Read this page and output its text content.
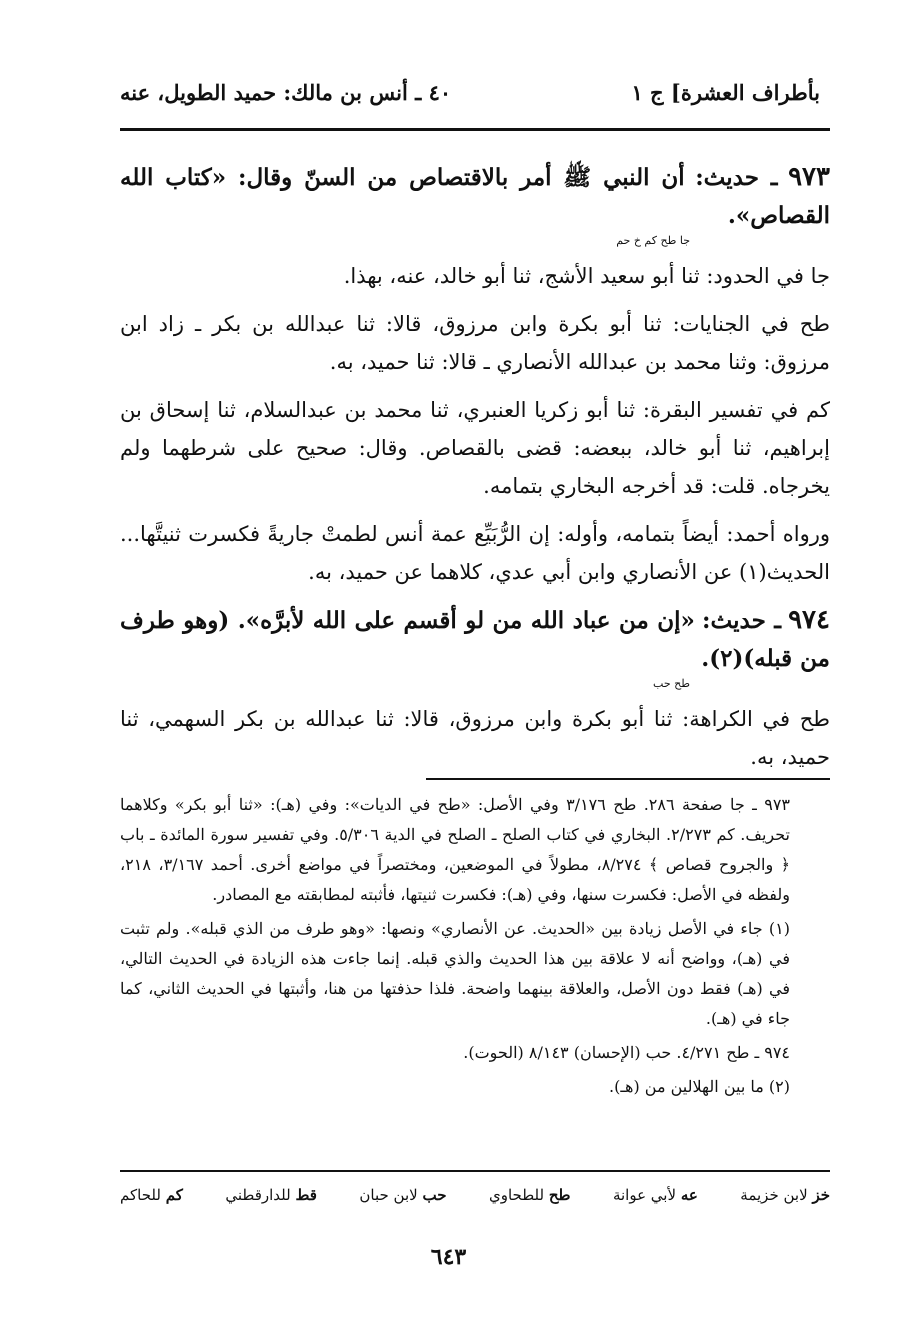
بأطراف العشرة] ج ١
٤٠ ـ أنس بن مالك: حميد الطويل، عنه

٩٧٣ ـ حديث: أن النبي ﷺ أمر بالاقتصاص من السنّ وقال: «كتاب الله القصاص».
جا طح كم خ حم

جا في الحدود: ثنا أبو سعيد الأشج، ثنا أبو خالد، عنه، بهذا.

طح في الجنايات: ثنا أبو بكرة وابن مرزوق، قالا: ثنا عبدالله بن بكر ـ زاد ابن مرزوق: وثنا محمد بن عبدالله الأنصاري ـ قالا: ثنا حميد، به.

كم في تفسير البقرة: ثنا أبو زكريا العنبري، ثنا محمد بن عبدالسلام، ثنا إسحاق بن إبراهيم، ثنا أبو خالد، ببعضه: قضى بالقصاص. وقال: صحيح على شرطهما ولم يخرجاه. قلت: قد أخرجه البخاري بتمامه.

ورواه أحمد: أيضاً بتمامه، وأوله: إن الرُّبَيِّع عمة أنس لطمتْ جاريةً فكسرت ثنيتَّها... الحديث(١) عن الأنصاري وابن أبي عدي، كلاهما عن حميد، به.

٩٧٤ ـ حديث: «إن من عباد الله من لو أقسم على الله لأبرَّه». (وهو طرف من قبله)(٢).
طح حب

طح في الكراهة: ثنا أبو بكرة وابن مرزوق، قالا: ثنا عبدالله بن بكر السهمي، ثنا حميد، به.

٩٧٣ ـ جا صفحة ٢٨٦. طح ٣/١٧٦ وفي الأصل: «طح في الديات»: وفي (هـ): «ثنا أبو بكر» وكلاهما تحريف. كم ٢/٢٧٣. البخاري في كتاب الصلح ـ الصلح في الدية ٥/٣٠٦. وفي تفسير سورة المائدة ـ باب ﴿ والجروح قصاص ﴾ ٨/٢٧٤، مطولاً في الموضعين، ومختصراً في مواضع أخرى. أحمد ٣/١٦٧، ٢١٨، ولفظه في الأصل: فكسرت سنها، وفي (هـ): فكسرت ثنيتها، فأثبته لمطابقته مع المصادر.

(١) جاء في الأصل زيادة بين «الحديث. عن الأنصاري» ونصها: «وهو طرف من الذي قبله». ولم تثبت في (هـ)، وواضح أنه لا علاقة بين هذا الحديث والذي قبله. إنما جاءت هذه الزيادة في الحديث التالي، في (هـ) فقط دون الأصل، والعلاقة بينهما واضحة. فلذا حذفتها من هنا، وأثبتها في الحديث الثاني، كما جاء في (هـ).

٩٧٤ ـ طح ٤/٢٧١. حب (الإحسان) ٨/١٤٣ (الحوت).

(٢) ما بين الهلالين من (هـ).

خز لابن خزيمة
عه لأبي عوانة
طح للطحاوي
حب لابن حبان
قط للدارقطني
كم للحاكم
٦٤٣
